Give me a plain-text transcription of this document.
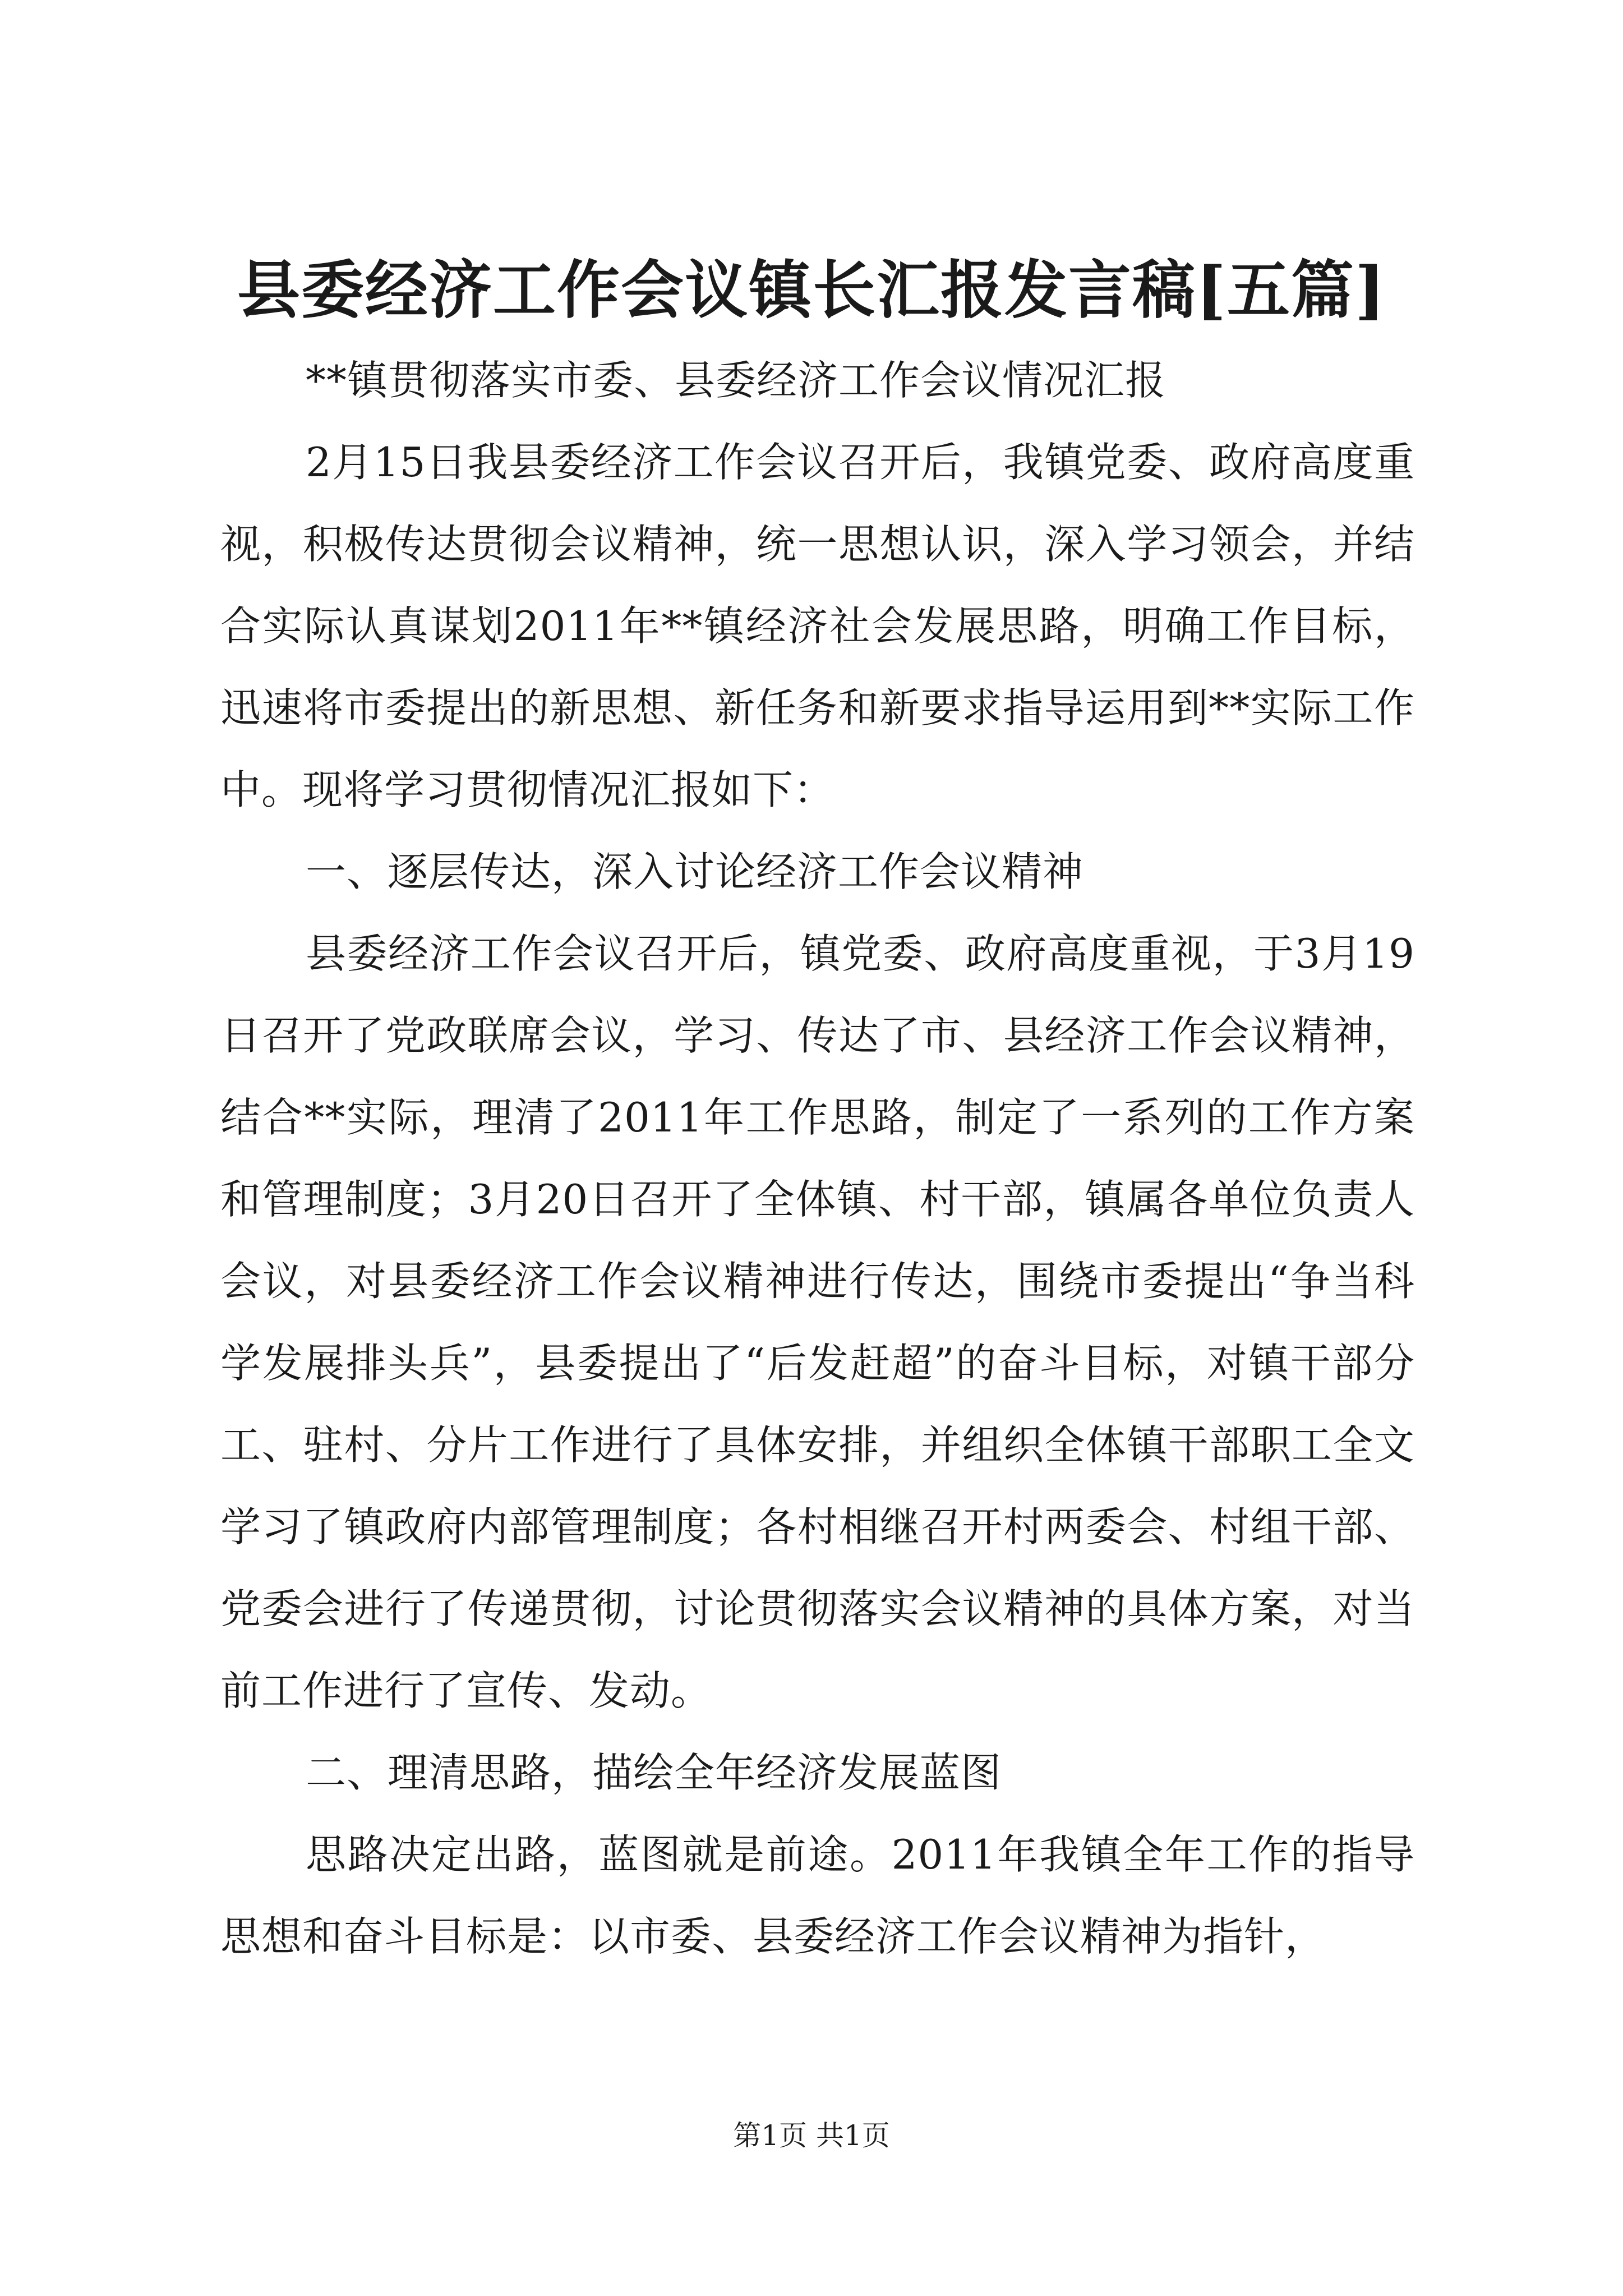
县委经济工作会议镇长汇报发言稿[五篇]

**镇贯彻落实市委、县委经济工作会议情况汇报

2月15日我县委经济工作会议召开后，我镇党委、政府高度重视，积极传达贯彻会议精神，统一思想认识，深入学习领会，并结合实际认真谋划2011年**镇经济社会发展思路，明确工作目标，迅速将市委提出的新思想、新任务和新要求指导运用到**实际工作中。现将学习贯彻情况汇报如下：

一、逐层传达，深入讨论经济工作会议精神

县委经济工作会议召开后，镇党委、政府高度重视，于3月19日召开了党政联席会议，学习、传达了市、县经济工作会议精神，结合**实际，理清了2011年工作思路，制定了一系列的工作方案和管理制度；3月20日召开了全体镇、村干部，镇属各单位负责人会议，对县委经济工作会议精神进行传达，围绕市委提出“争当科学发展排头兵”，县委提出了“后发赶超”的奋斗目标，对镇干部分工、驻村、分片工作进行了具体安排，并组织全体镇干部职工全文学习了镇政府内部管理制度；各村相继召开村两委会、村组干部、党委会进行了传递贯彻，讨论贯彻落实会议精神的具体方案，对当前工作进行了宣传、发动。

二、理清思路，描绘全年经济发展蓝图

思路决定出路，蓝图就是前途。2011年我镇全年工作的指导思想和奋斗目标是：以市委、县委经济工作会议精神为指针，

第1页 共1页
